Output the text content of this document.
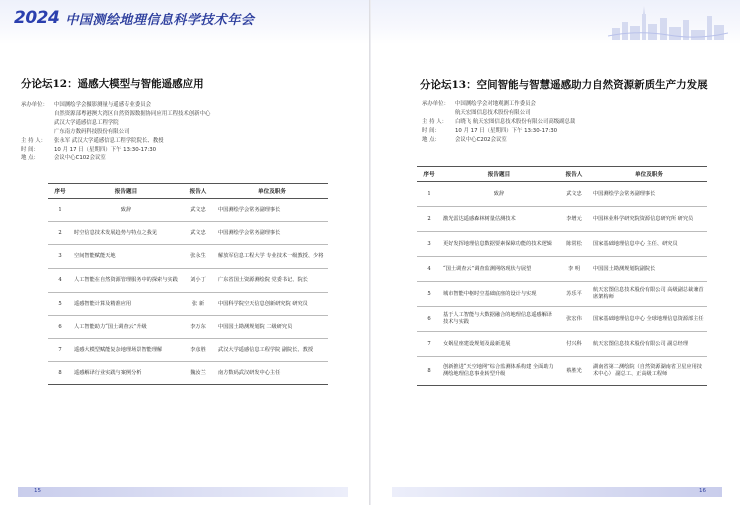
2024 中国测绘地理信息科学技术年会
分论坛12：遥感大模型与智能遥感应用
承办单位：	中国测绘学会摄影测量与遥感专业委员会
自然资源部粤港澳大湾区自然资源数据协同应用工程技术创新中心
武汉大学遥感信息工程学院
广东南方数码科技股份有限公司
主 持 人：	张永军 武汉大学遥感信息工程学院院长、教授
时 间：	10 月 17 日（星期四）下午 13:30-17:30
地 点：	会议中心C102会议室
序号	报告题目	报告人	单位及职务
1	致辞	武文忠	中国测绘学会常务副理事长
2	时空信息技术发展趋势与特点之我见	武文忠	中国测绘学会常务副理事长
3	空间智能赋能天地	张永生	解放军信息工程大学 专业技术一级教授、少将
4	人工智能在自然资源管理服务中的探索与实践	刘小丁	广东省国土资源测绘院 党委书记、院长
5	遥感智能计算及精准应用	张 新	中国科学院空天信息创新研究院 研究员
6	人工智能助力“国土调查云”升级	李万东	中国国土勘测规划院 二级研究员
7	遥感大模型赋能复杂地理场景智能理解	李彦胜	武汉大学遥感信息工程学院 副院长、教授
8	遥感解译行业实践与案例分析	魏汝兰	南方数码武汉研发中心主任
15
分论坛13：空间智能与智慧遥感助力自然资源新质生产力发展
承办单位：	中国测绘学会对地观测工作委员会
航天宏图信息技术股份有限公司
主 持 人：	白晓飞 航天宏图信息技术股份有限公司高级副总裁
时 间：	10 月 17 日（星期四）下午 13:30-17:30
地 点：	会议中心C202会议室
序号	报告题目	报告人	单位及职务
1	致辞	武文忠	中国测绘学会常务副理事长
2	激光雷达遥感森林树量估测技术	李增元	中国林业科学研究院资源信息研究所 研究员
3	更好发挥地理信息数据要素保障功能的技术逻辑	陈常松	国家基础地理信息中心 主任、研究员
4	“国土调查云”调查监测网络现状与展望	李 明	中国国土勘测规划院副院长
5	城市智能中枢时空基础底座的设计与实现	苏乐平	航天宏图信息技术股份有限公司 高级副总裁兼首席架构师
6	基于人工智能与大数据融合的地理信息遥感解译技术与实践	张宏伟	国家基础地理信息中心 全球地理信息资源部主任
7	女娲星座建设规划及最新进展	付兴科	航天宏图信息技术股份有限公司 副总经理
8	创新推进“天空地网”综合监测体系构建 全面助力测绘地理信息事业转型升级	蔡胜光	湖南省第二测绘院（自然资源湖南省卫星应用技术中心） 副总工、正高级工程师
16
